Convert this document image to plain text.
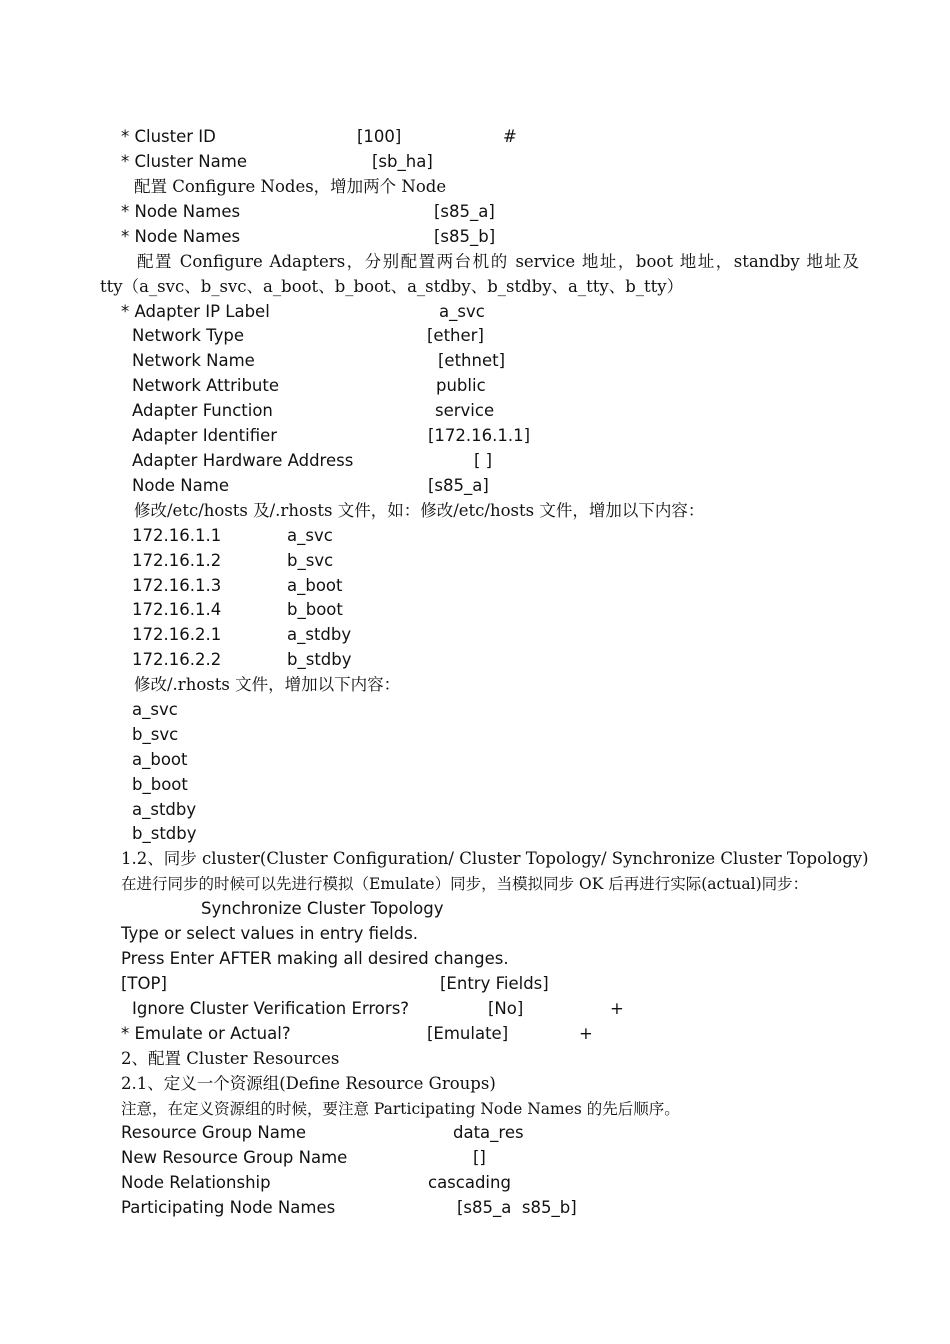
* Cluster ID	[100]	#
* Cluster Name	[sb_ha]
配置 Configure Nodes，增加两个 Node
* Node Names	[s85_a]
* Node Names	[s85_b]
配置 Configure Adapters，分别配置两台机的 service 地址，boot 地址，standby 地址及
tty（a_svc、b_svc、a_boot、b_boot、a_stdby、b_stdby、a_tty、b_tty）
* Adapter IP Label	a_svc
Network Type	[ether]
Network Name	[ethnet]
Network Attribute	public
Adapter Function	service
Adapter Identifier	[172.16.1.1]
Adapter Hardware Address	[ ]
Node Name	[s85_a]
修改/etc/hosts 及/.rhosts 文件，如：修改/etc/hosts 文件，增加以下内容：
172.16.1.1	a_svc
172.16.1.2	b_svc
172.16.1.3	a_boot
172.16.1.4	b_boot
172.16.2.1	a_stdby
172.16.2.2	b_stdby
修改/.rhosts 文件，增加以下内容：
a_svc
b_svc
a_boot
b_boot
a_stdby
b_stdby
1.2、同步 cluster(Cluster Configuration/ Cluster Topology/ Synchronize Cluster Topology)
在进行同步的时候可以先进行模拟（Emulate）同步，当模拟同步 OK 后再进行实际(actual)同步：
Synchronize Cluster Topology
Type or select values in entry fields.
Press Enter AFTER making all desired changes.
[TOP]	[Entry Fields]
Ignore Cluster Verification Errors?	[No]	+
* Emulate or Actual?	[Emulate]	+
2、配置 Cluster Resources
2.1、定义一个资源组(Define Resource Groups)
注意，在定义资源组的时候，要注意 Participating Node Names 的先后顺序。
Resource Group Name	data_res
New Resource Group Name	[]
Node Relationship	cascading
Participating Node Names	[s85_a  s85_b]
